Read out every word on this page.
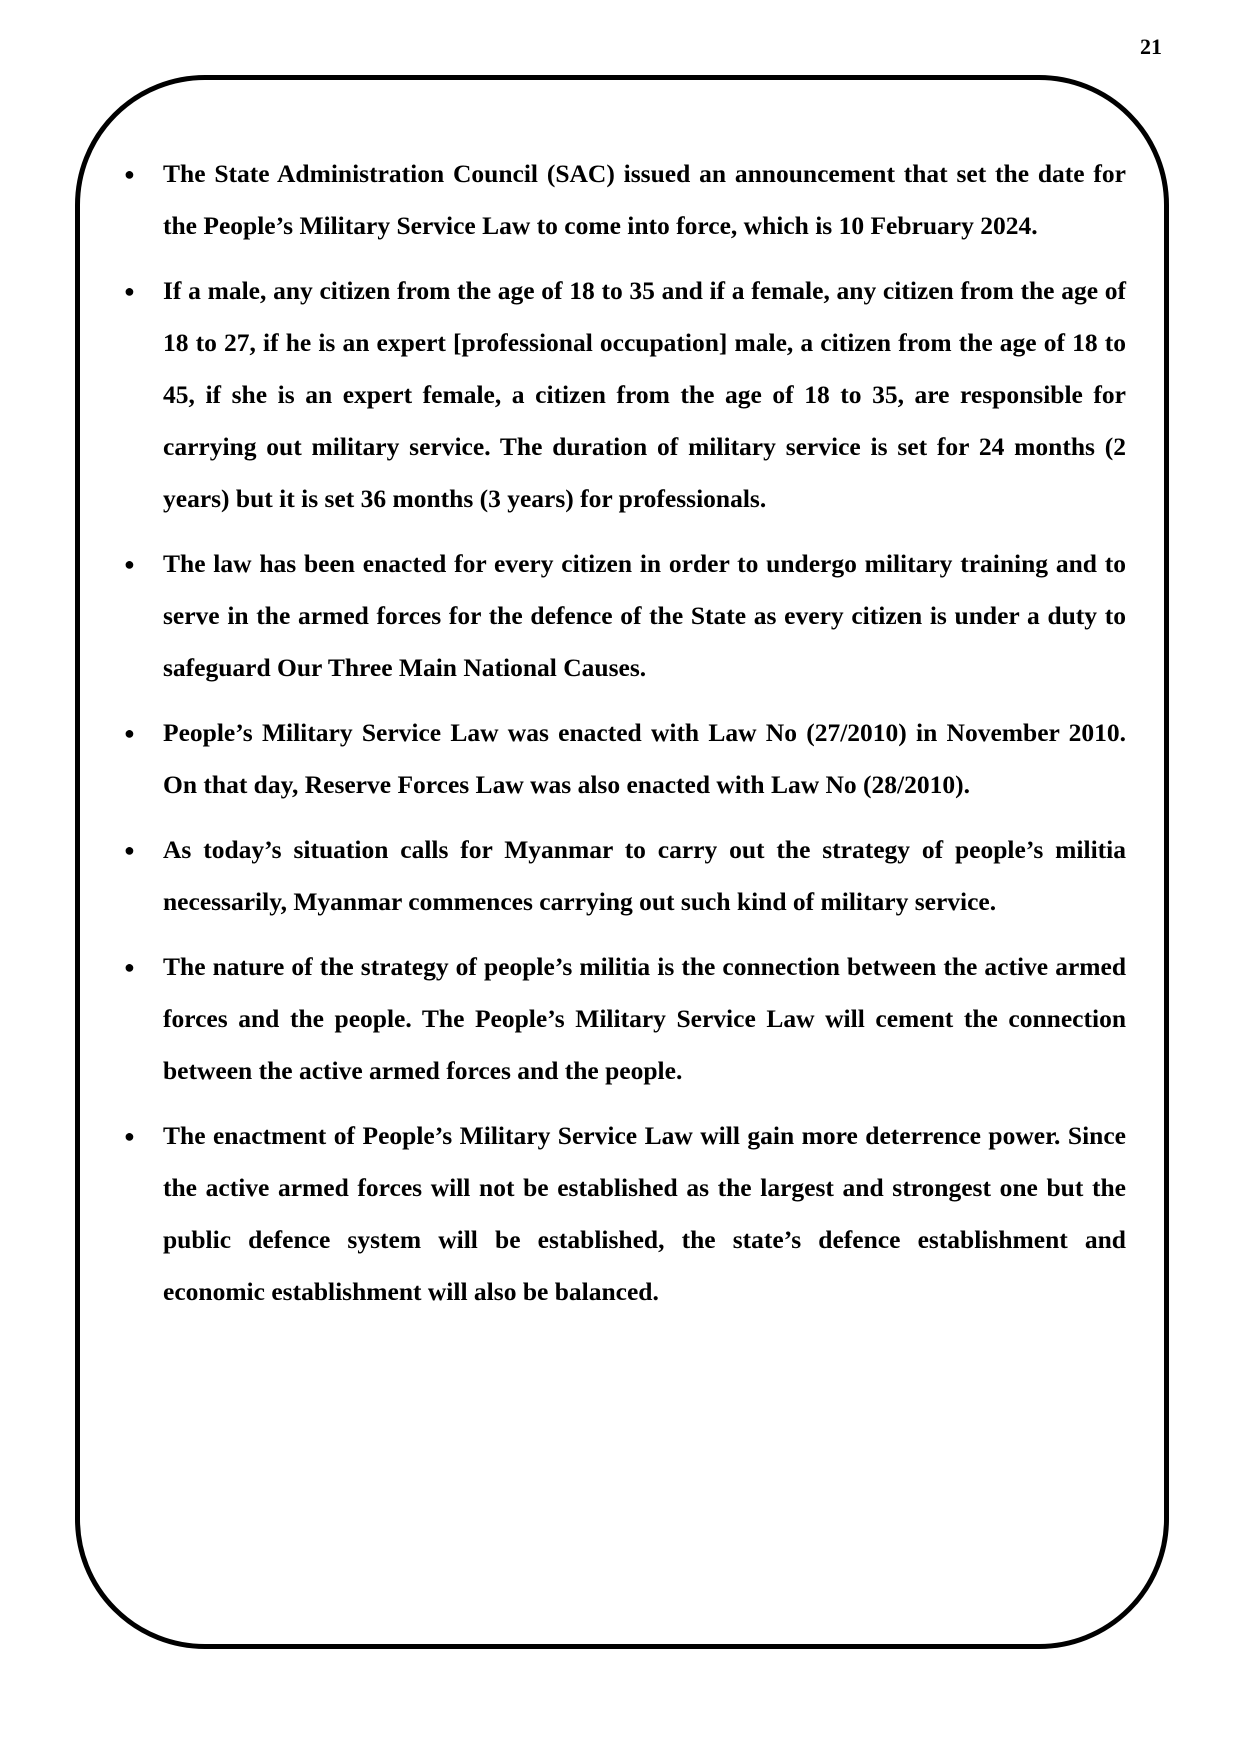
21
● The State Administration Council (SAC) issued an announcement that set the date for the People’s Military Service Law to come into force, which is 10 February 2024.
● If a male, any citizen from the age of 18 to 35 and if a female, any citizen from the age of 18 to 27, if he is an expert [professional occupation] male, a citizen from the age of 18 to 45, if she is an expert female, a citizen from the age of 18 to 35, are responsible for carrying out military service. The duration of military service is set for 24 months (2 years) but it is set 36 months (3 years) for professionals.
● The law has been enacted for every citizen in order to undergo military training and to serve in the armed forces for the defence of the State as every citizen is under a duty to safeguard Our Three Main National Causes.
● People’s Military Service Law was enacted with Law No (27/2010) in November 2010. On that day, Reserve Forces Law was also enacted with Law No (28/2010).
● As today’s situation calls for Myanmar to carry out the strategy of people’s militia necessarily, Myanmar commences carrying out such kind of military service.
● The nature of the strategy of people’s militia is the connection between the active armed forces and the people. The People’s Military Service Law will cement the connection between the active armed forces and the people.
● The enactment of People’s Military Service Law will gain more deterrence power. Since the active armed forces will not be established as the largest and strongest one but the public defence system will be established, the state’s defence establishment and economic establishment will also be balanced.
